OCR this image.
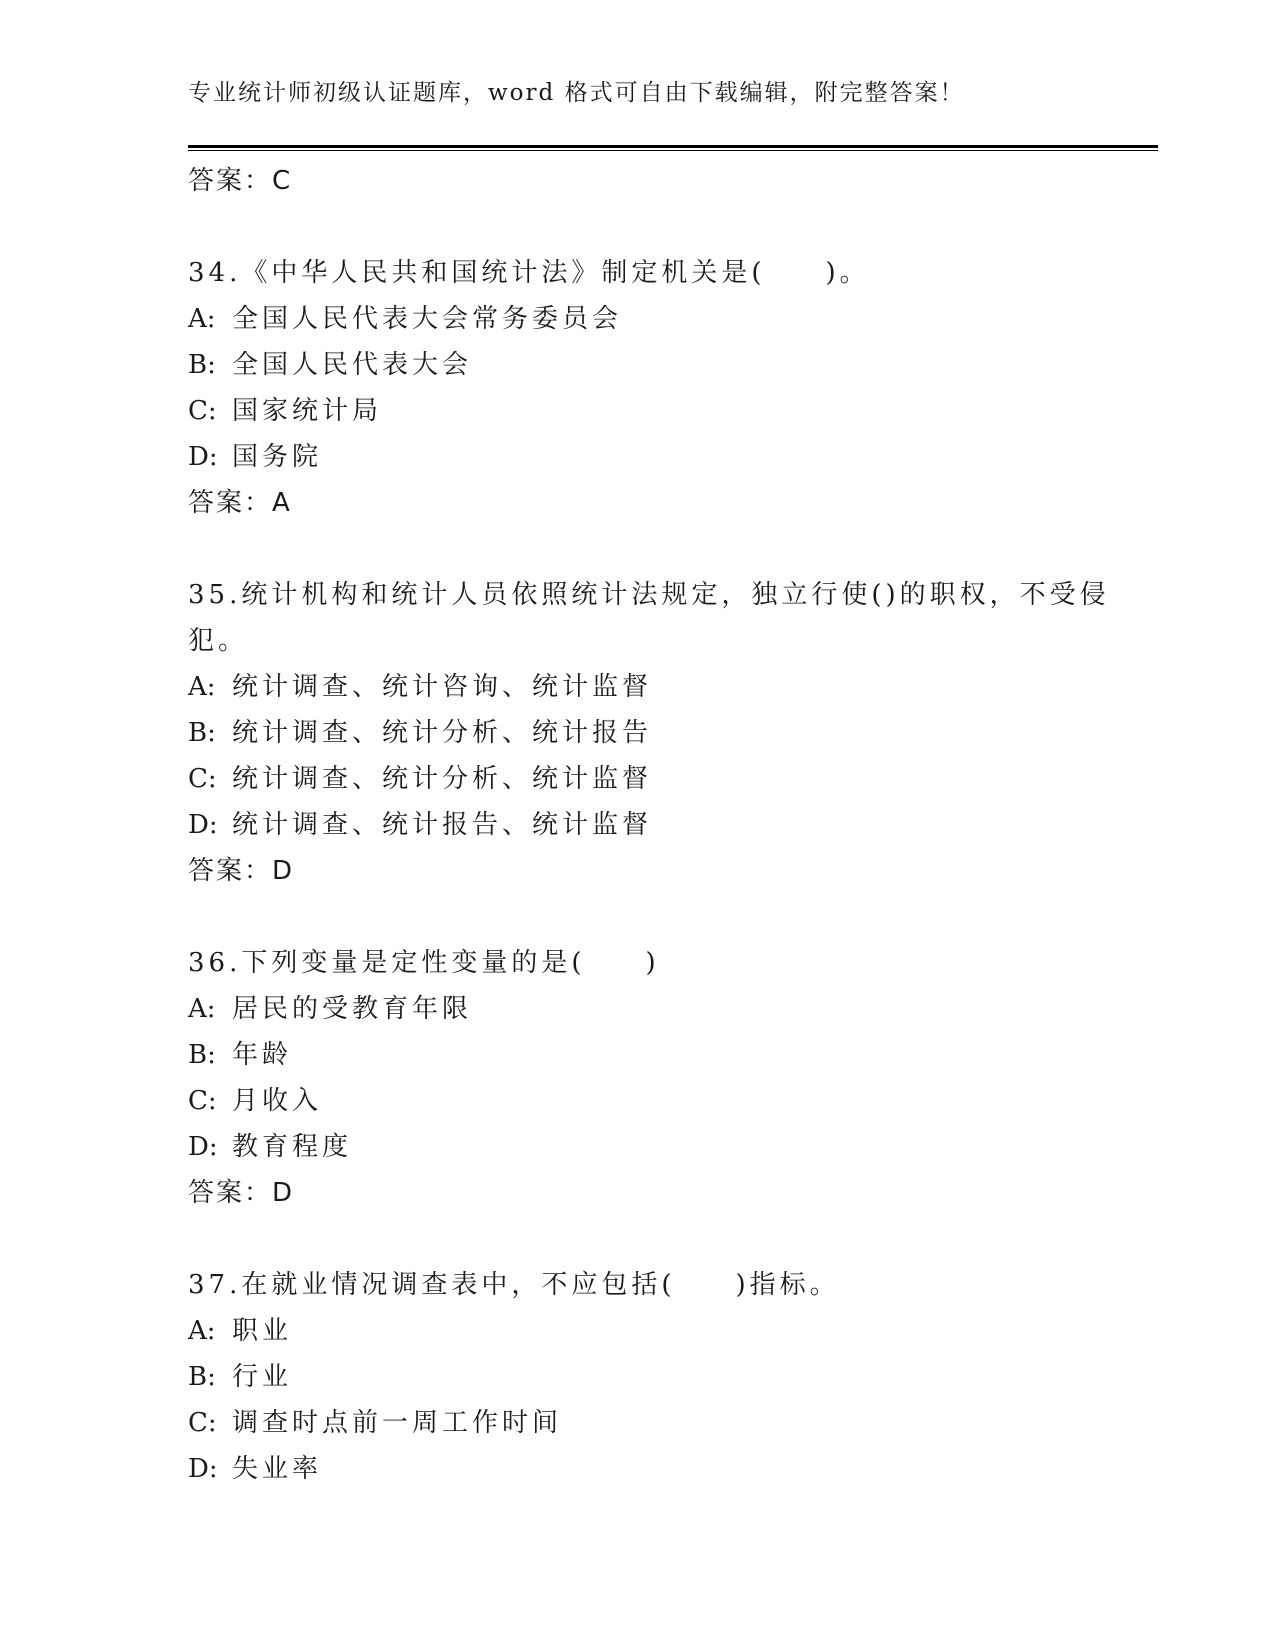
专业统计师初级认证题库，word 格式可自由下载编辑，附完整答案！
答案：C
34.《中华人民共和国统计法》制定机关是(　　)。
A: 全国人民代表大会常务委员会
B: 全国人民代表大会
C: 国家统计局
D: 国务院
答案：A
35.统计机构和统计人员依照统计法规定，独立行使()的职权，不受侵
犯。
A: 统计调查、统计咨询、统计监督
B: 统计调查、统计分析、统计报告
C: 统计调查、统计分析、统计监督
D: 统计调查、统计报告、统计监督
答案：D
36.下列变量是定性变量的是(　　)
A: 居民的受教育年限
B: 年龄
C: 月收入
D: 教育程度
答案：D
37.在就业情况调查表中，不应包括(　　)指标。
A: 职业
B: 行业
C: 调查时点前一周工作时间
D: 失业率
